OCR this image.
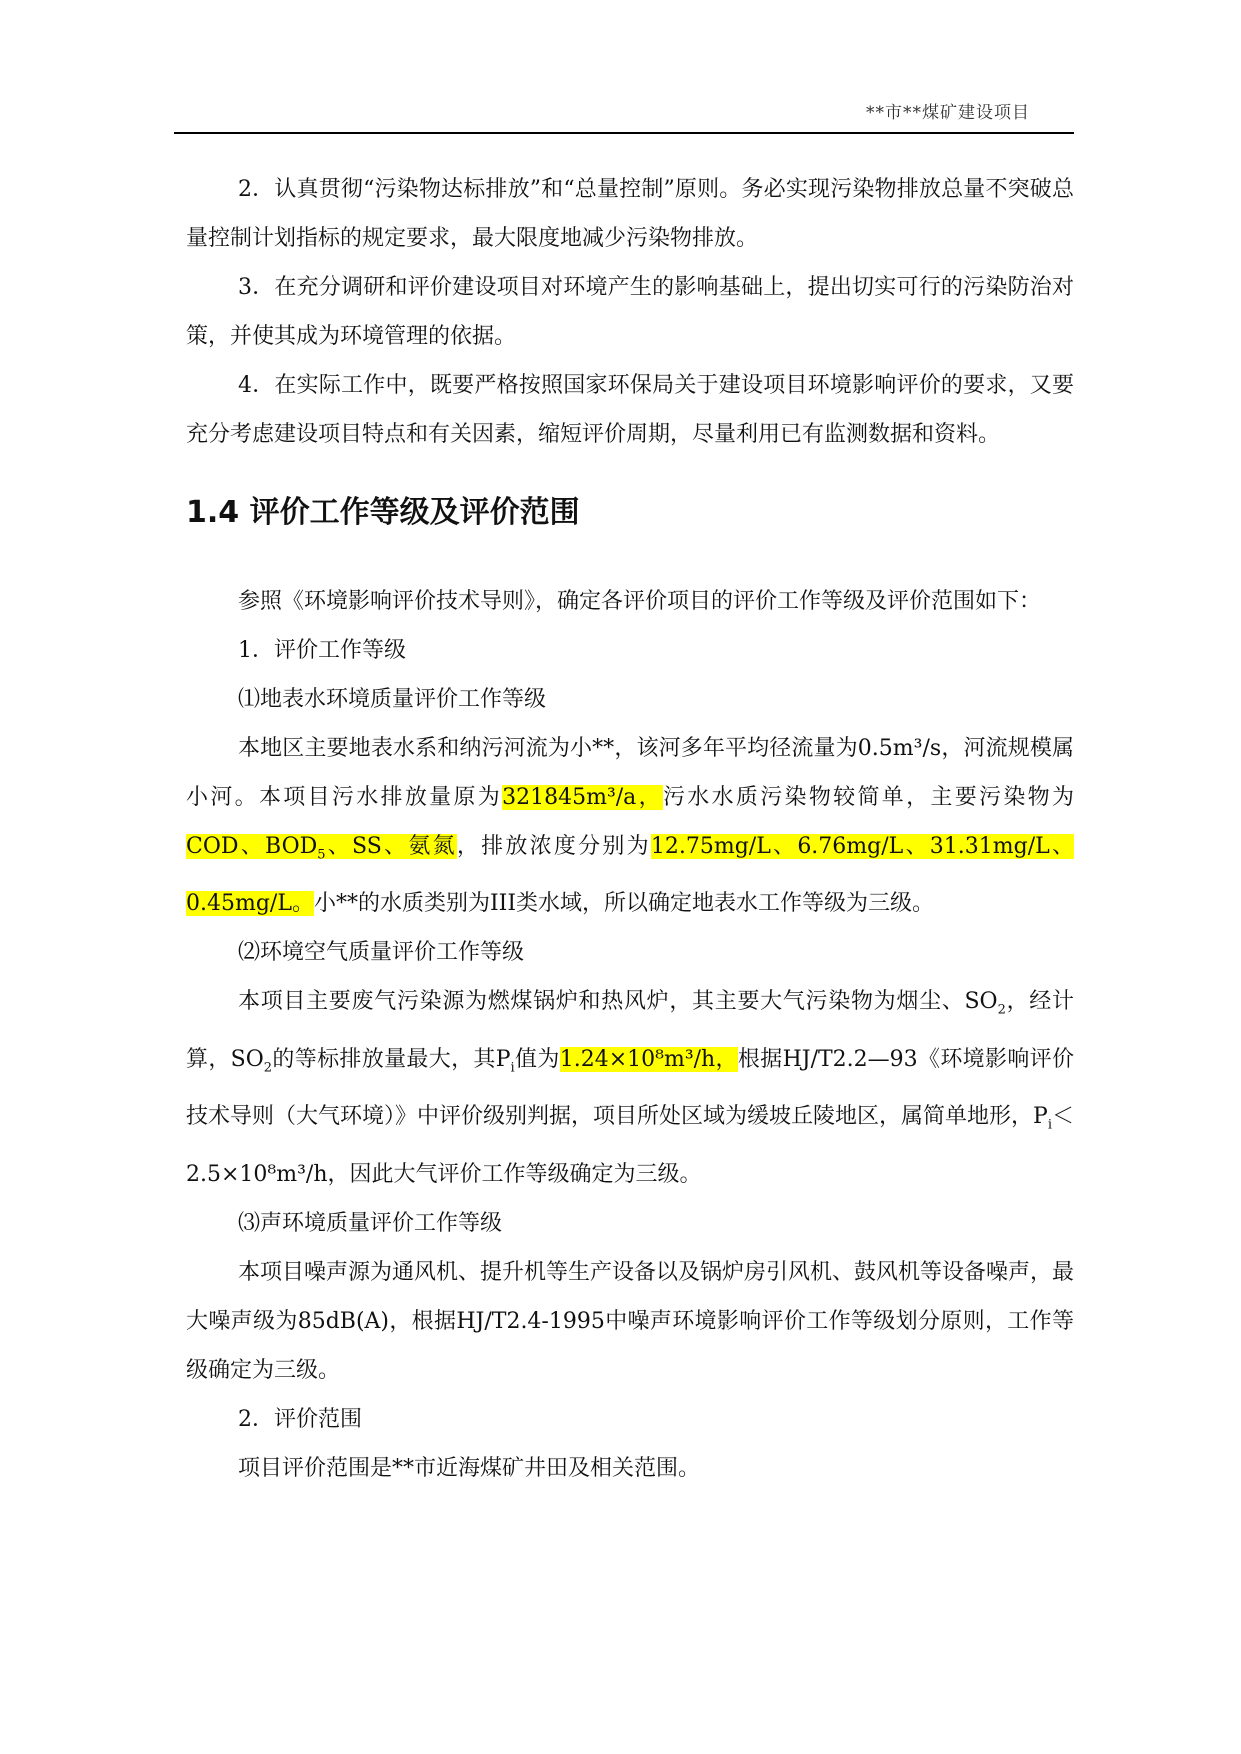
**市**煤矿建设项目

2．认真贯彻“污染物达标排放”和“总量控制”原则。务必实现污染物排放总量不突破总量控制计划指标的规定要求，最大限度地减少污染物排放。

3．在充分调研和评价建设项目对环境产生的影响基础上，提出切实可行的污染防治对策，并使其成为环境管理的依据。

4．在实际工作中，既要严格按照国家环保局关于建设项目环境影响评价的要求，又要充分考虑建设项目特点和有关因素，缩短评价周期，尽量利用已有监测数据和资料。

1.4 评价工作等级及评价范围

参照《环境影响评价技术导则》，确定各评价项目的评价工作等级及评价范围如下：

1．评价工作等级

⑴地表水环境质量评价工作等级

本地区主要地表水系和纳污河流为小**，该河多年平均径流量为0.5m³/s，河流规模属小河。本项目污水排放量原为321845m³/a，污水水质污染物较简单，主要污染物为COD、$BOD_5$、SS、氨氮，排放浓度分别为12.75mg/L、6.76mg/L、31.31mg/L、0.45mg/L。小**的水质类别为III类水域，所以确定地表水工作等级为三级。

⑵环境空气质量评价工作等级

本项目主要废气污染源为燃煤锅炉和热风炉，其主要大气污染物为烟尘、$SO_2$，经计算，$SO_2$的等标排放量最大，其$P_i$值为1.24×10⁸m³/h，根据HJ/T2.2—93《环境影响评价技术导则（大气环境）》中评价级别判据，项目所处区域为缓坡丘陵地区，属简单地形，$P_i<2.5\times 10^8m^3/h$，因此大气评价工作等级确定为三级。

⑶声环境质量评价工作等级

本项目噪声源为通风机、提升机等生产设备以及锅炉房引风机、鼓风机等设备噪声，最大噪声级为85dB(A)，根据HJ/T2.4-1995中噪声环境影响评价工作等级划分原则，工作等级确定为三级。

2．评价范围

项目评价范围是**市近海煤矿井田及相关范围。
